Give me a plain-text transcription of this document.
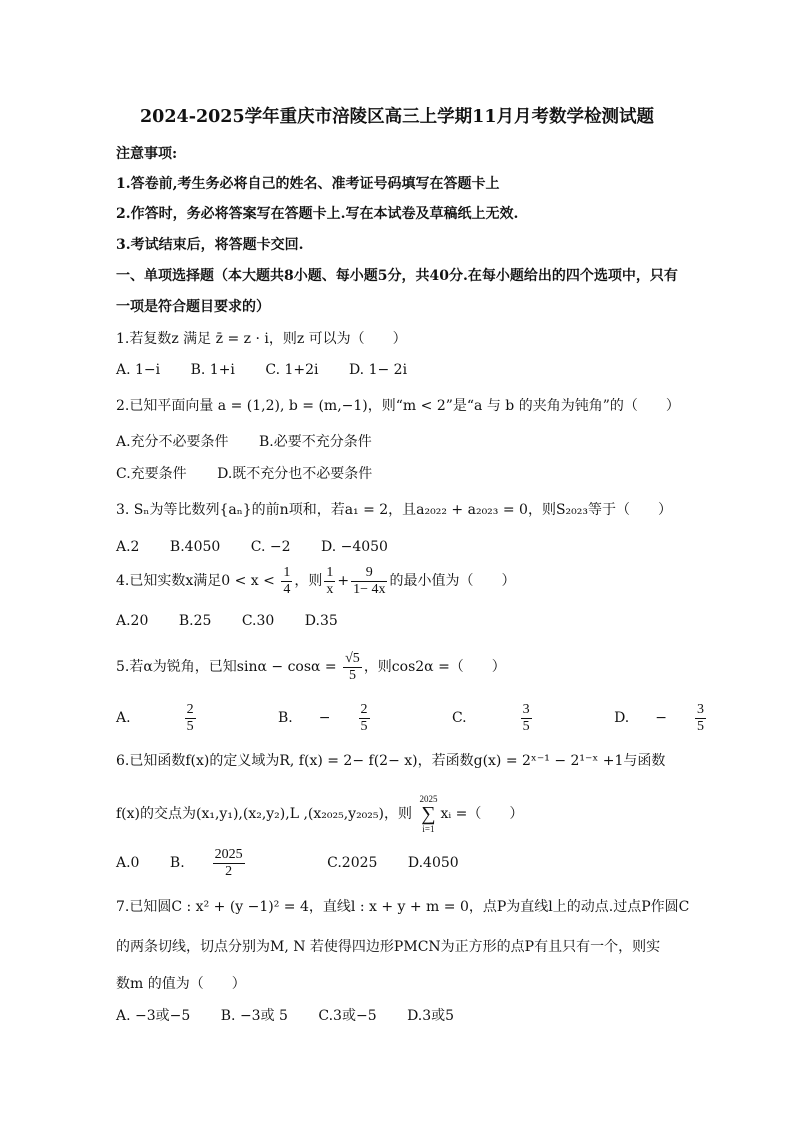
2024-2025学年重庆市涪陵区高三上学期11月月考数学检测试题
注意事项:
1.答卷前,考生务必将自己的姓名、准考证号码填写在答题卡上
2.作答时，务必将答案写在答题卡上.写在本试卷及草稿纸上无效.
3.考试结束后，将答题卡交回.
一、单项选择题（本大题共8小题、每小题5分，共40分.在每小题给出的四个选项中，只有
一项是符合题目要求的）
1.若复数z 满足 z̄ = z · i，则z 可以为（　　）
A. 1−i B. 1+i C. 1+2i D. 1− 2i
2.已知平面向量 a = (1,2), b = (m,−1)，则“m < 2”是“a 与 b 的夹角为钝角”的（　　）
A.充分不必要条件 B.必要不充分条件
C.充要条件 D.既不充分也不必要条件
3. Sₙ为等比数列{aₙ}的前n项和，若a₁ = 2，且a₂₀₂₂ + a₂₀₂₃ = 0，则S₂₀₂₃等于（　　）
A.2 B.4050 C. −2 D. −4050
4.已知实数x满足$0 < x < \frac{1}{4}$ ，则 $\frac{1}{x} + \frac{9}{1- 4x}$ 的最小值为（　　）
A.20 B.25 C.30 D.35
5.若α为锐角，已知$\sin\alpha - \cos\alpha = \frac{√5}{5}$ ，则cos2α =（　　）
A.	$\frac{2}{5}$	B. − $\frac{2}{5}$	C.	$\frac{3}{5}$	D. − $\frac{3}{5}$
6.已知函数f(x)的定义域为R, f(x) = 2− f(2− x)，若函数g(x) = 2ˣ⁻¹ − 2¹⁻ˣ +1与函数
f(x)的交点为(x₁,y₁),(x₂,y₂),L ,(x₂₀₂₅,y₂₀₂₅)，则
2025
∑
i=1
xᵢ =（　　）
A.0 B. $\frac{2025}{2}$	C.2025 D.4050
7.已知圆C : x² + (y −1)² = 4，直线l : x + y + m = 0，点P为直线l上的动点.过点P作圆C
的两条切线，切点分别为M, N 若使得四边形PMCN为正方形的点P有且只有一个，则实
数m 的值为（　　）
A. −3或−5 B. −3或 5 C.3或−5 D.3或5
